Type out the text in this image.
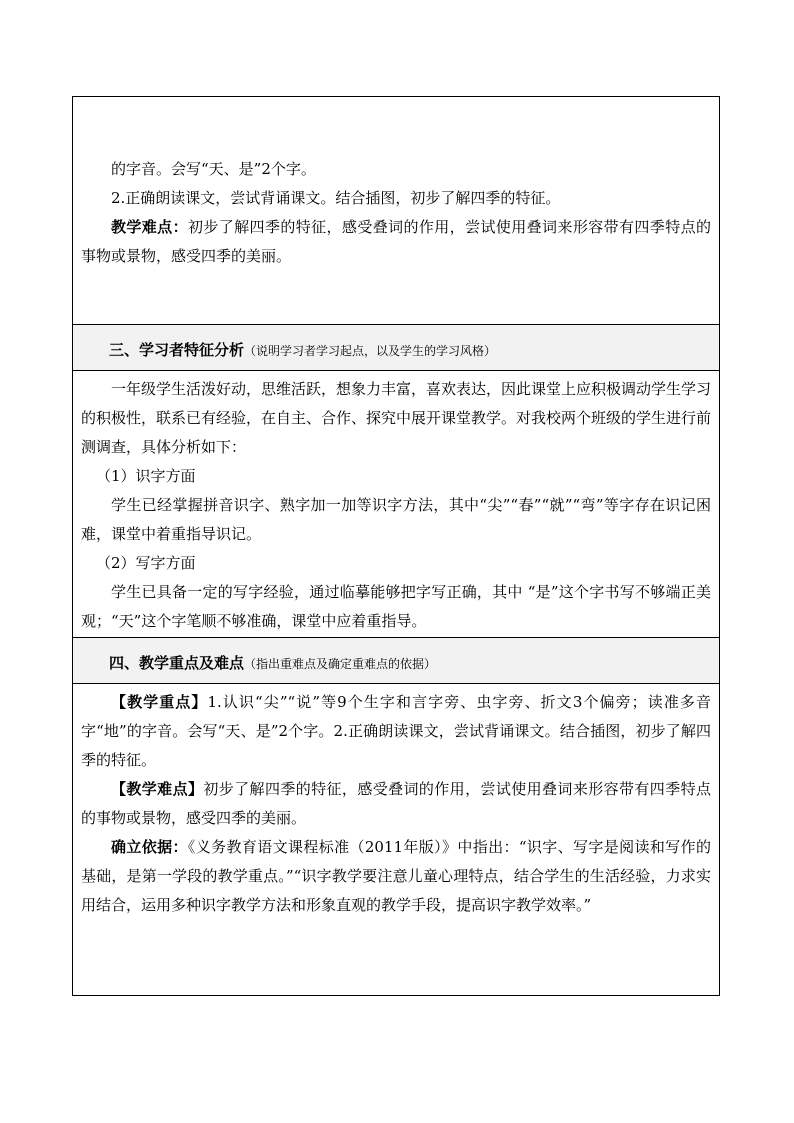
的字音。会写“天、是”2个字。

2.正确朗读课文，尝试背诵课文。结合插图，初步了解四季的特征。

教学难点：初步了解四季的特征，感受叠词的作用，尝试使用叠词来形容带有四季特点的事物或景物，感受四季的美丽。

三、学习者特征分析（说明学习者学习起点，以及学生的学习风格）

一年级学生活泼好动，思维活跃，想象力丰富，喜欢表达，因此课堂上应积极调动学生学习的积极性，联系已有经验，在自主、合作、探究中展开课堂教学。对我校两个班级的学生进行前测调查，具体分析如下：

（1）识字方面

学生已经掌握拼音识字、熟字加一加等识字方法，其中“尖”“春”“就”“弯”等字存在识记困难，课堂中着重指导识记。

（2）写字方面

学生已具备一定的写字经验，通过临摹能够把字写正确，其中 “是”这个字书写不够端正美观；“天”这个字笔顺不够准确，课堂中应着重指导。

四、教学重点及难点（指出重难点及确定重难点的依据）

【教学重点】1.认识“尖”“说”等9个生字和言字旁、虫字旁、折文3个偏旁；读准多音字“地”的字音。会写“天、是”2个字。2.正确朗读课文，尝试背诵课文。结合插图，初步了解四季的特征。

【教学难点】初步了解四季的特征，感受叠词的作用，尝试使用叠词来形容带有四季特点的事物或景物，感受四季的美丽。

确立依据：《义务教育语文课程标准（2011年版）》中指出：“识字、写字是阅读和写作的基础，是第一学段的教学重点。”“识字教学要注意儿童心理特点，结合学生的生活经验，力求实用结合，运用多种识字教学方法和形象直观的教学手段，提高识字教学效率。”
